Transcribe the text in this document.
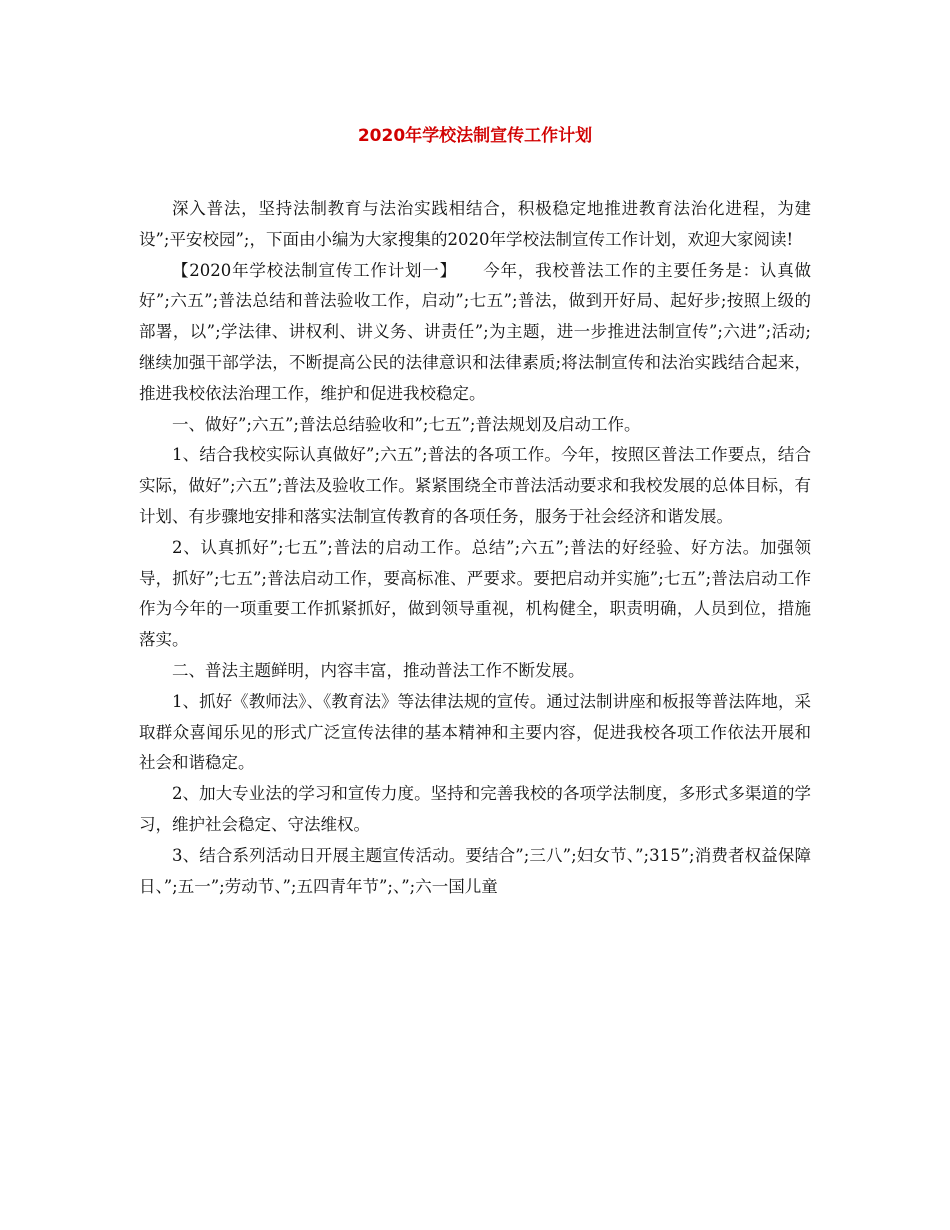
2020年学校法制宣传工作计划

深入普法，坚持法制教育与法治实践相结合，积极稳定地推进教育法治化进程，为建设”;平安校园”;，下面由小编为大家搜集的2020年学校法制宣传工作计划，欢迎大家阅读!

【2020年学校法制宣传工作计划一】　　今年，我校普法工作的主要任务是：认真做好”;六五”;普法总结和普法验收工作，启动”;七五”;普法，做到开好局、起好步;按照上级的部署，以”;学法律、讲权利、讲义务、讲责任”;为主题，进一步推进法制宣传”;六进”;活动;继续加强干部学法，不断提高公民的法律意识和法律素质;将法制宣传和法治实践结合起来，推进我校依法治理工作，维护和促进我校稳定。

一、做好”;六五”;普法总结验收和”;七五”;普法规划及启动工作。

1、结合我校实际认真做好”;六五”;普法的各项工作。今年，按照区普法工作要点，结合实际，做好”;六五”;普法及验收工作。紧紧围绕全市普法活动要求和我校发展的总体目标，有计划、有步骤地安排和落实法制宣传教育的各项任务，服务于社会经济和谐发展。

2、认真抓好”;七五”;普法的启动工作。总结”;六五”;普法的好经验、好方法。加强领导，抓好”;七五”;普法启动工作，要高标准、严要求。要把启动并实施”;七五”;普法启动工作作为今年的一项重要工作抓紧抓好，做到领导重视，机构健全，职责明确，人员到位，措施落实。

二、普法主题鲜明，内容丰富，推动普法工作不断发展。

1、抓好《教师法》、《教育法》等法律法规的宣传。通过法制讲座和板报等普法阵地，采取群众喜闻乐见的形式广泛宣传法律的基本精神和主要内容，促进我校各项工作依法开展和社会和谐稳定。

2、加大专业法的学习和宣传力度。坚持和完善我校的各项学法制度，多形式多渠道的学习，维护社会稳定、守法维权。

3、结合系列活动日开展主题宣传活动。要结合”;三八”;妇女节、”;315”;消费者权益保障日、”;五一”;劳动节、”;五四青年节”;、”;六一国儿童
